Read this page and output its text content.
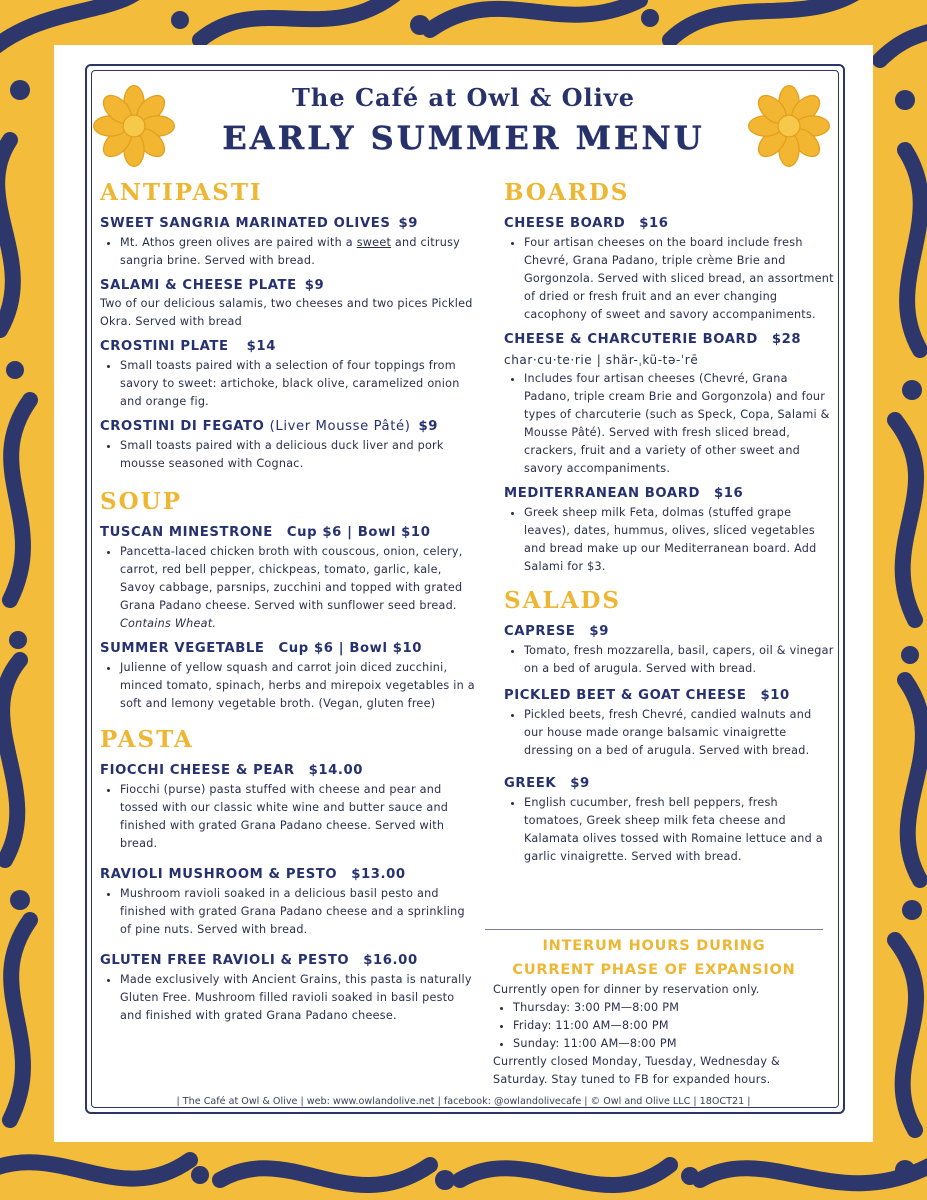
The Café at Owl & Olive
EARLY SUMMER MENU
ANTIPASTI
SWEET SANGRIA MARINATED OLIVES $9
• Mt. Athos green olives are paired with a sweet and citrusy sangria brine. Served with bread.
SALAMI & CHEESE PLATE $9
Two of our delicious salamis, two cheeses and two pices Pickled Okra. Served with bread
CROSTINI PLATE $14
• Small toasts paired with a selection of four toppings from savory to sweet: artichoke, black olive, caramelized onion and orange fig.
CROSTINI DI FEGATO (Liver Mousse Pâté) $9
• Small toasts paired with a delicious duck liver and pork mousse seasoned with Cognac.
SOUP
TUSCAN MINESTRONE Cup $6 | Bowl $10
• Pancetta-laced chicken broth with couscous, onion, celery, carrot, red bell pepper, chickpeas, tomato, garlic, kale, Savoy cabbage, parsnips, zucchini and topped with grated Grana Padano cheese. Served with sunflower seed bread. Contains Wheat.
SUMMER VEGETABLE Cup $6 | Bowl $10
• Julienne of yellow squash and carrot join diced zucchini, minced tomato, spinach, herbs and mirepoix vegetables in a soft and lemony vegetable broth. (Vegan, gluten free)
PASTA
FIOCCHI CHEESE & PEAR $14.00
• Fiocchi (purse) pasta stuffed with cheese and pear and tossed with our classic white wine and butter sauce and finished with grated Grana Padano cheese. Served with bread.
RAVIOLI MUSHROOM & PESTO $13.00
• Mushroom ravioli soaked in a delicious basil pesto and finished with grated Grana Padano cheese and a sprinkling of pine nuts. Served with bread.
GLUTEN FREE RAVIOLI & PESTO $16.00
• Made exclusively with Ancient Grains, this pasta is naturally Gluten Free. Mushroom filled ravioli soaked in basil pesto and finished with grated Grana Padano cheese.
BOARDS
CHEESE BOARD $16
• Four artisan cheeses on the board include fresh Chevré, Grana Padano, triple crème Brie and Gorgonzola. Served with sliced bread, an assortment of dried or fresh fruit and an ever changing cacophony of sweet and savory accompaniments.
CHEESE & CHARCUTERIE BOARD $28
char·cu·te·rie | shär-ˌkü-tə-ˈrē
• Includes four artisan cheeses (Chevré, Grana Padano, triple cream Brie and Gorgonzola) and four types of charcuterie (such as Speck, Copa, Salami & Mousse Pâté). Served with fresh sliced bread, crackers, fruit and a variety of other sweet and savory accompaniments.
MEDITERRANEAN BOARD $16
• Greek sheep milk Feta, dolmas (stuffed grape leaves), dates, hummus, olives, sliced vegetables and bread make up our Mediterranean board. Add Salami for $3.
SALADS
CAPRESE $9
• Tomato, fresh mozzarella, basil, capers, oil & vinegar on a bed of arugula. Served with bread.
PICKLED BEET & GOAT CHEESE $10
• Pickled beets, fresh Chevré, candied walnuts and our house made orange balsamic vinaigrette dressing on a bed of arugula. Served with bread.
GREEK $9
• English cucumber, fresh bell peppers, fresh tomatoes, Greek sheep milk feta cheese and Kalamata olives tossed with Romaine lettuce and a garlic vinaigrette. Served with bread.
INTERUM HOURS DURING
CURRENT PHASE OF EXPANSION
Currently open for dinner by reservation only.
• Thursday: 3:00 PM—8:00 PM
• Friday: 11:00 AM—8:00 PM
• Sunday: 11:00 AM—8:00 PM
Currently closed Monday, Tuesday, Wednesday & Saturday. Stay tuned to FB for expanded hours.
| The Café at Owl & Olive | web: www.owlandolive.net | facebook: @owlandolivecafe | © Owl and Olive LLC | 18OCT21 |
